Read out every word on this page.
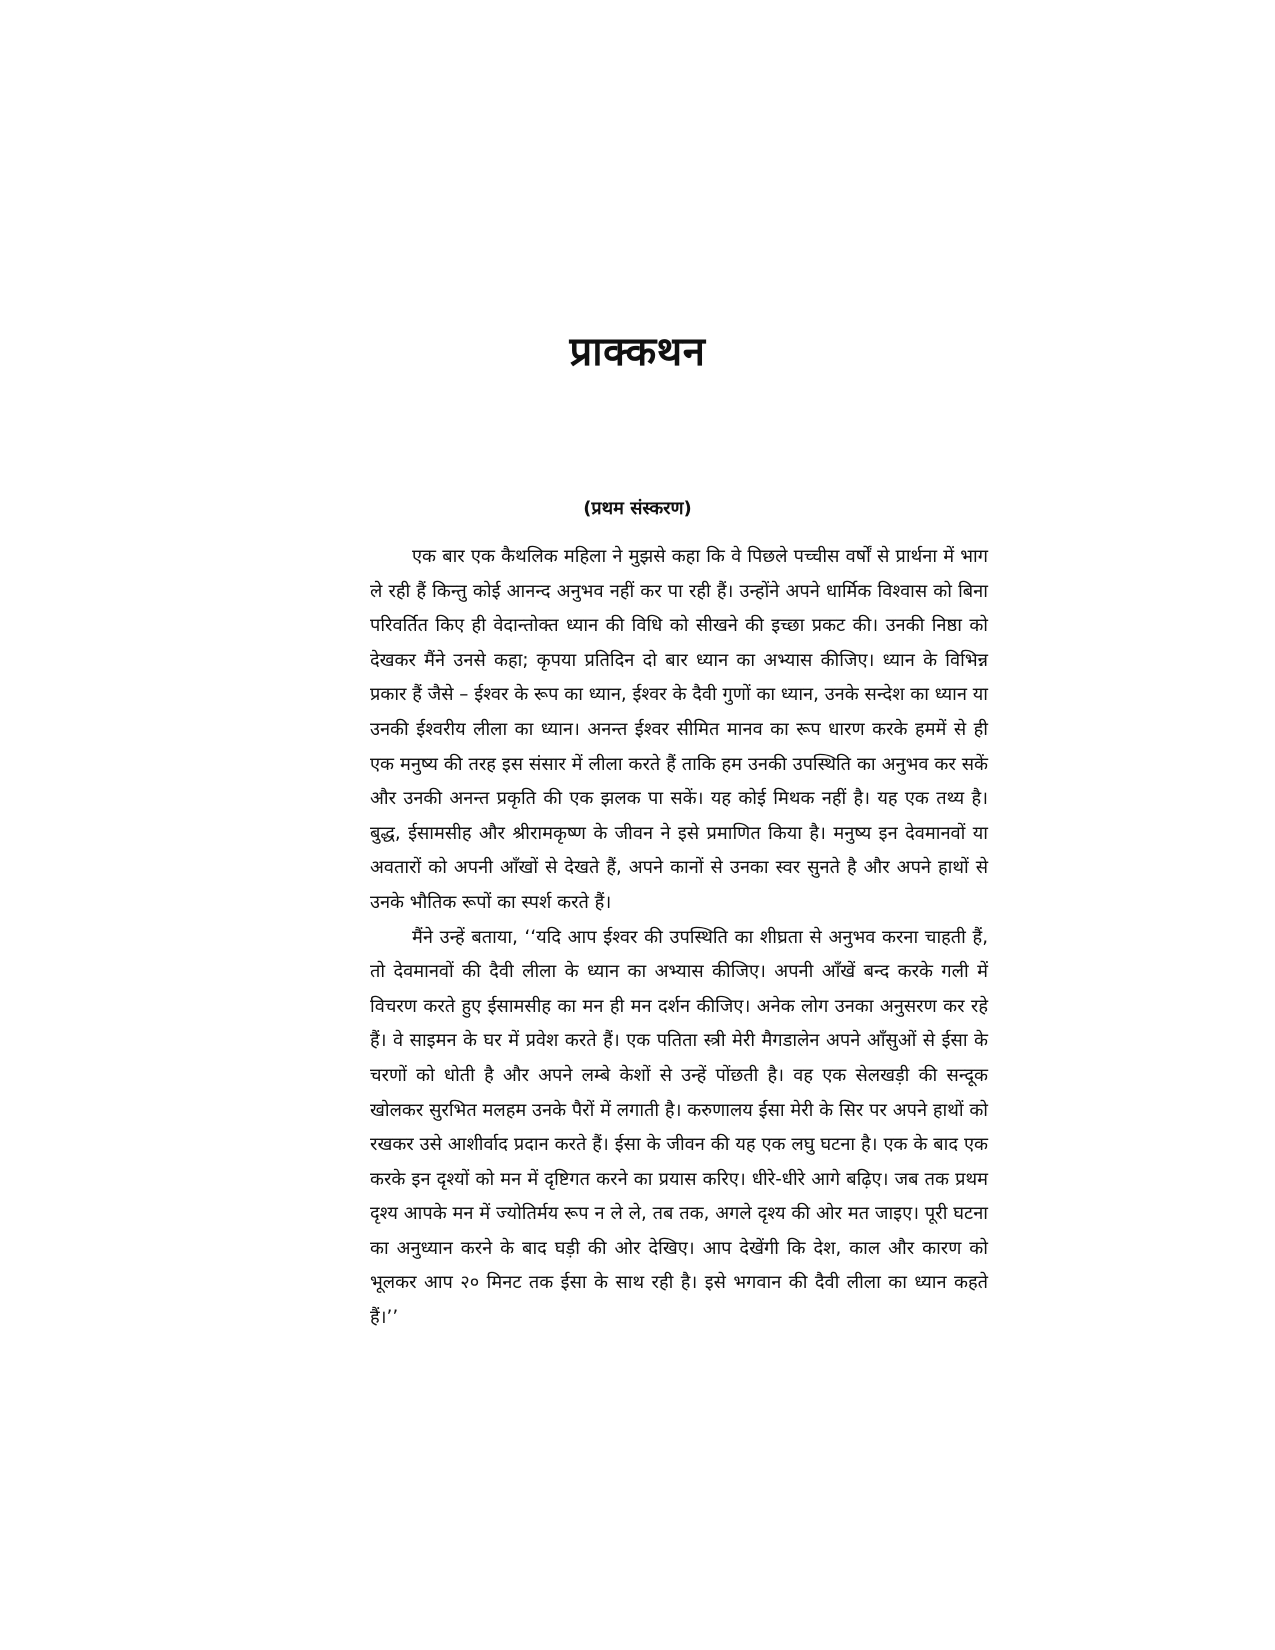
प्राक्कथन
(प्रथम संस्करण)

एक बार एक कैथलिक महिला ने मुझसे कहा कि वे पिछले पच्चीस वर्षों से प्रार्थना में भाग ले रही हैं किन्तु कोई आनन्द अनुभव नहीं कर पा रही हैं। उन्होंने अपने धार्मिक विश्वास को बिना परिवर्तित किए ही वेदान्तोक्त ध्यान की विधि को सीखने की इच्छा प्रकट की। उनकी निष्ठा को देखकर मैंने उनसे कहा; कृपया प्रतिदिन दो बार ध्यान का अभ्यास कीजिए। ध्यान के विभिन्न प्रकार हैं जैसे – ईश्वर के रूप का ध्यान, ईश्वर के दैवी गुणों का ध्यान, उनके सन्देश का ध्यान या उनकी ईश्वरीय लीला का ध्यान। अनन्त ईश्वर सीमित मानव का रूप धारण करके हममें से ही एक मनुष्य की तरह इस संसार में लीला करते हैं ताकि हम उनकी उपस्थिति का अनुभव कर सकें और उनकी अनन्त प्रकृति की एक झलक पा सकें। यह कोई मिथक नहीं है। यह एक तथ्य है। बुद्ध, ईसामसीह और श्रीरामकृष्ण के जीवन ने इसे प्रमाणित किया है। मनुष्य इन देवमानवों या अवतारों को अपनी आँखों से देखते हैं, अपने कानों से उनका स्वर सुनते है और अपने हाथों से उनके भौतिक रूपों का स्पर्श करते हैं।

मैंने उन्हें बताया, ‘‘यदि आप ईश्वर की उपस्थिति का शीघ्रता से अनुभव करना चाहती हैं, तो देवमानवों की दैवी लीला के ध्यान का अभ्यास कीजिए। अपनी आँखें बन्द करके गली में विचरण करते हुए ईसामसीह का मन ही मन दर्शन कीजिए। अनेक लोग उनका अनुसरण कर रहे हैं। वे साइमन के घर में प्रवेश करते हैं। एक पतिता स्त्री मेरी मैगडालेन अपने आँसुओं से ईसा के चरणों को धोती है और अपने लम्बे केशों से उन्हें पोंछती है। वह एक सेलखड़ी की सन्दूक खोलकर सुरभित मलहम उनके पैरों में लगाती है। करुणालय ईसा मेरी के सिर पर अपने हाथों को रखकर उसे आशीर्वाद प्रदान करते हैं। ईसा के जीवन की यह एक लघु घटना है। एक के बाद एक करके इन दृश्यों को मन में दृष्टिगत करने का प्रयास करिए। धीरे-धीरे आगे बढ़िए। जब तक प्रथम दृश्य आपके मन में ज्योतिर्मय रूप न ले ले, तब तक, अगले दृश्य की ओर मत जाइए। पूरी घटना का अनुध्यान करने के बाद घड़ी की ओर देखिए। आप देखेंगी कि देश, काल और कारण को भूलकर आप २० मिनट तक ईसा के साथ रही है। इसे भगवान की दैवी लीला का ध्यान कहते हैं।’’
